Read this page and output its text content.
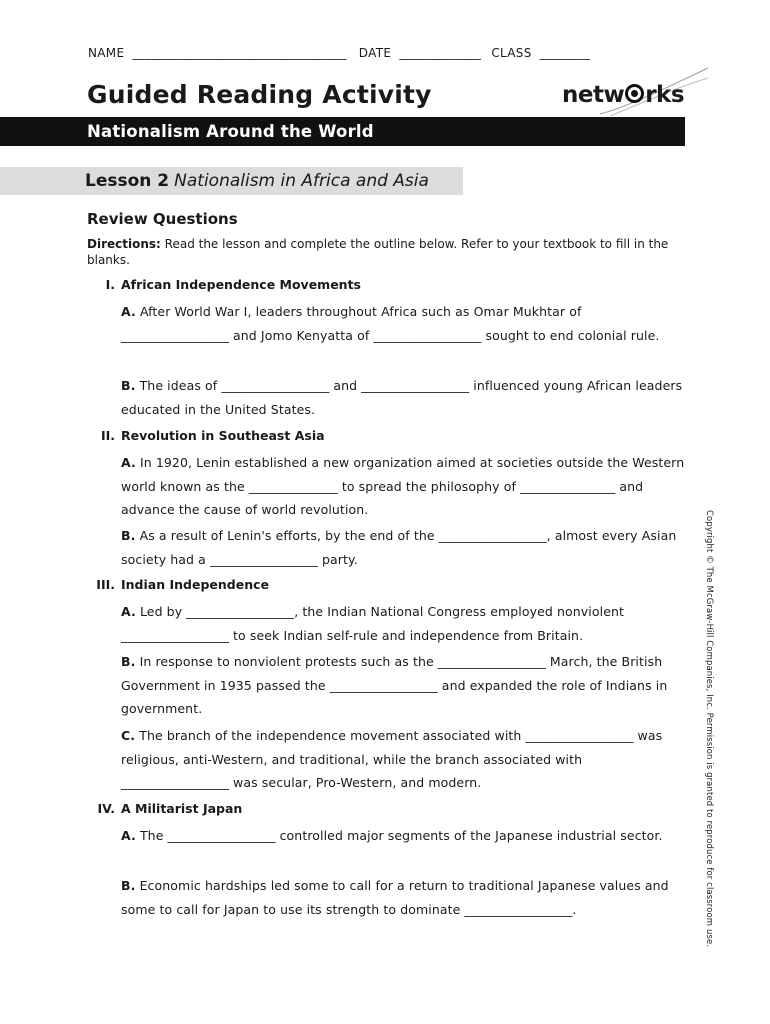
NAME __________________________________ DATE _____________ CLASS ________
Guided Reading Activity	netw rks
Nationalism Around the World
Lesson 2 Nationalism in Africa and Asia
Review Questions
Directions: Read the lesson and complete the outline below. Refer to your textbook to fill in the blanks.
I. African Independence Movements
A. After World War I, leaders throughout Africa such as Omar Mukhtar of _________________ and Jomo Kenyatta of _________________ sought to end colonial rule.
B. The ideas of _________________ and _________________ influenced young African leaders educated in the United States.
II. Revolution in Southeast Asia
A. In 1920, Lenin established a new organization aimed at societies outside the Western world known as the ______________ to spread the philosophy of _______________ and advance the cause of world revolution.
B. As a result of Lenin's efforts, by the end of the _________________, almost every Asian society had a _________________ party.
III. Indian Independence
A. Led by _________________, the Indian National Congress employed nonviolent _________________ to seek Indian self-rule and independence from Britain.
B. In response to nonviolent protests such as the _________________ March, the British Government in 1935 passed the _________________ and expanded the role of Indians in government.
C. The branch of the independence movement associated with _________________ was religious, anti-Western, and traditional, while the branch associated with _________________ was secular, Pro-Western, and modern.
IV. A Militarist Japan
A. The _________________ controlled major segments of the Japanese industrial sector.
B. Economic hardships led some to call for a return to traditional Japanese values and some to call for Japan to use its strength to dominate _________________.	Copyright © The McGraw-Hill Companies, Inc. Permission is granted to reproduce for classroom use.
